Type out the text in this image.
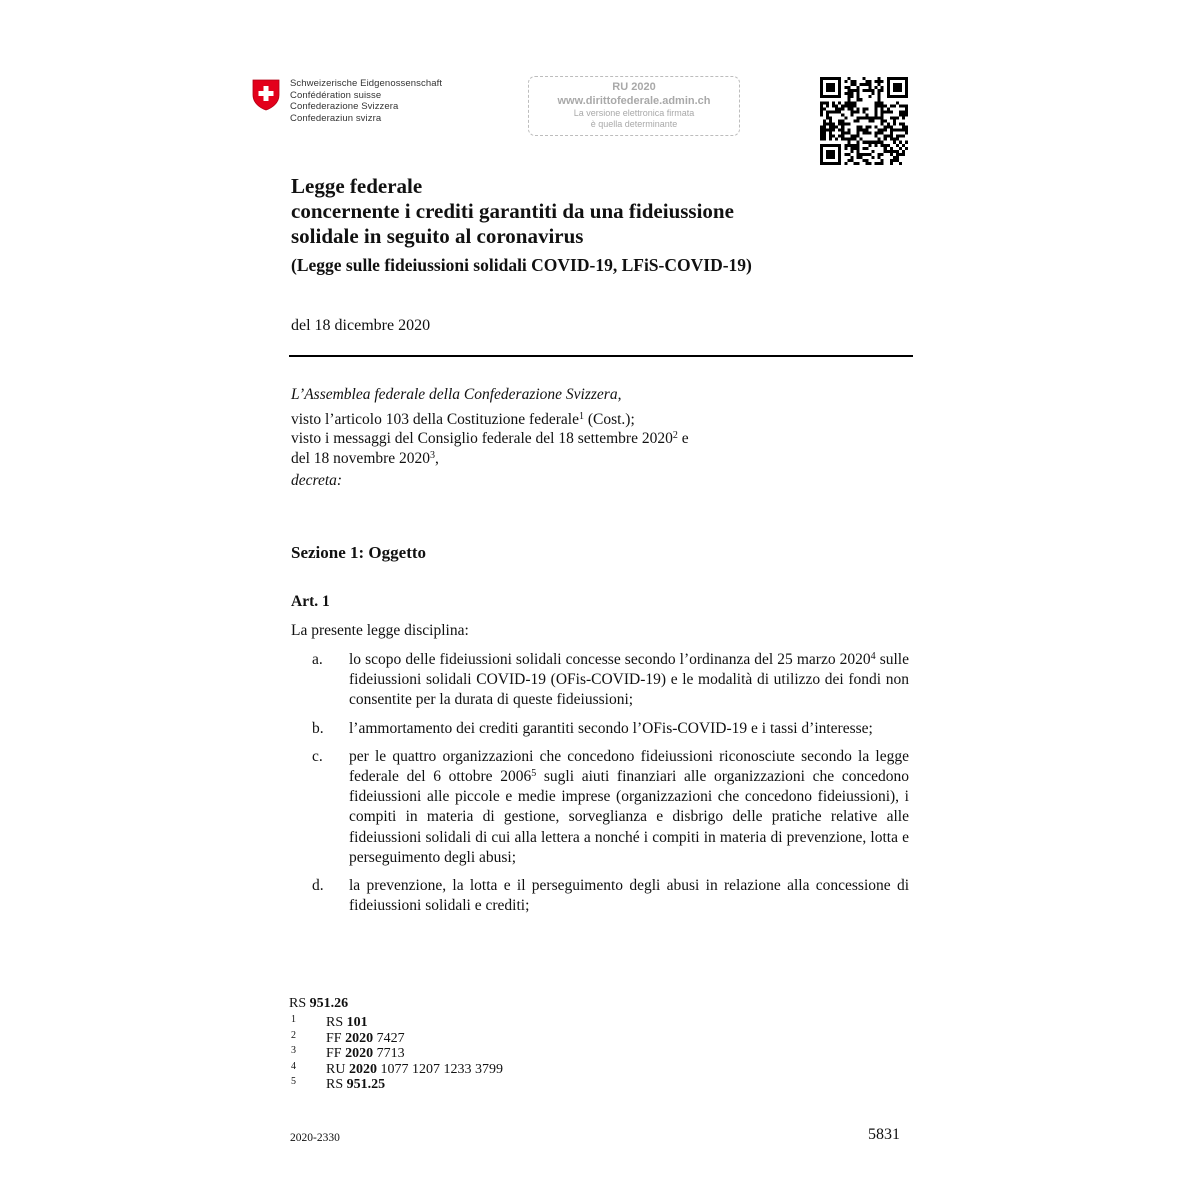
Schweizerische Eidgenossenschaft
Confédération suisse
Confederazione Svizzera
Confederaziun svizra
RU 2020
www.dirittofederale.admin.ch
La versione elettronica firmata
è quella determinante
Legge federale
concernente i crediti garantiti da una fideiussione
solidale in seguito al coronavirus
(Legge sulle fideiussioni solidali COVID-19, LFiS-COVID-19)
del 18 dicembre 2020
L’Assemblea federale della Confederazione Svizzera,
visto l’articolo 103 della Costituzione federale$^1$ (Cost.);
visto i messaggi del Consiglio federale del 18 settembre 2020$^2$ e
del 18 novembre 2020$^3$,
decreta:
Sezione 1: Oggetto
Art. 1
La presente legge disciplina:
a. lo scopo delle fideiussioni solidali concesse secondo l’ordinanza del 25 marzo 2020$^4$ sulle fideiussioni solidali COVID-19 (OFis-COVID-19) e le modalità di utilizzo dei fondi non consentite per la durata di queste fideiussioni;
b. l’ammortamento dei crediti garantiti secondo l’OFis-COVID-19 e i tassi d’interesse;
c. per le quattro organizzazioni che concedono fideiussioni riconosciute secondo la legge federale del 6 ottobre 2006$^5$ sugli aiuti finanziari alle organizzazioni che concedono fideiussioni alle piccole e medie imprese (organizzazioni che concedono fideiussioni), i compiti in materia di gestione, sorveglianza e disbrigo delle pratiche relative alle fideiussioni solidali di cui alla lettera a nonché i compiti in materia di prevenzione, lotta e perseguimento degli abusi;
d. la prevenzione, la lotta e il perseguimento degli abusi in relazione alla concessione di fideiussioni solidali e crediti;
RS 951.26
1 RS 101
2 FF 2020 7427
3 FF 2020 7713
4 RU 2020 1077 1207 1233 3799
5 RS 951.25
2020-2330	5831
